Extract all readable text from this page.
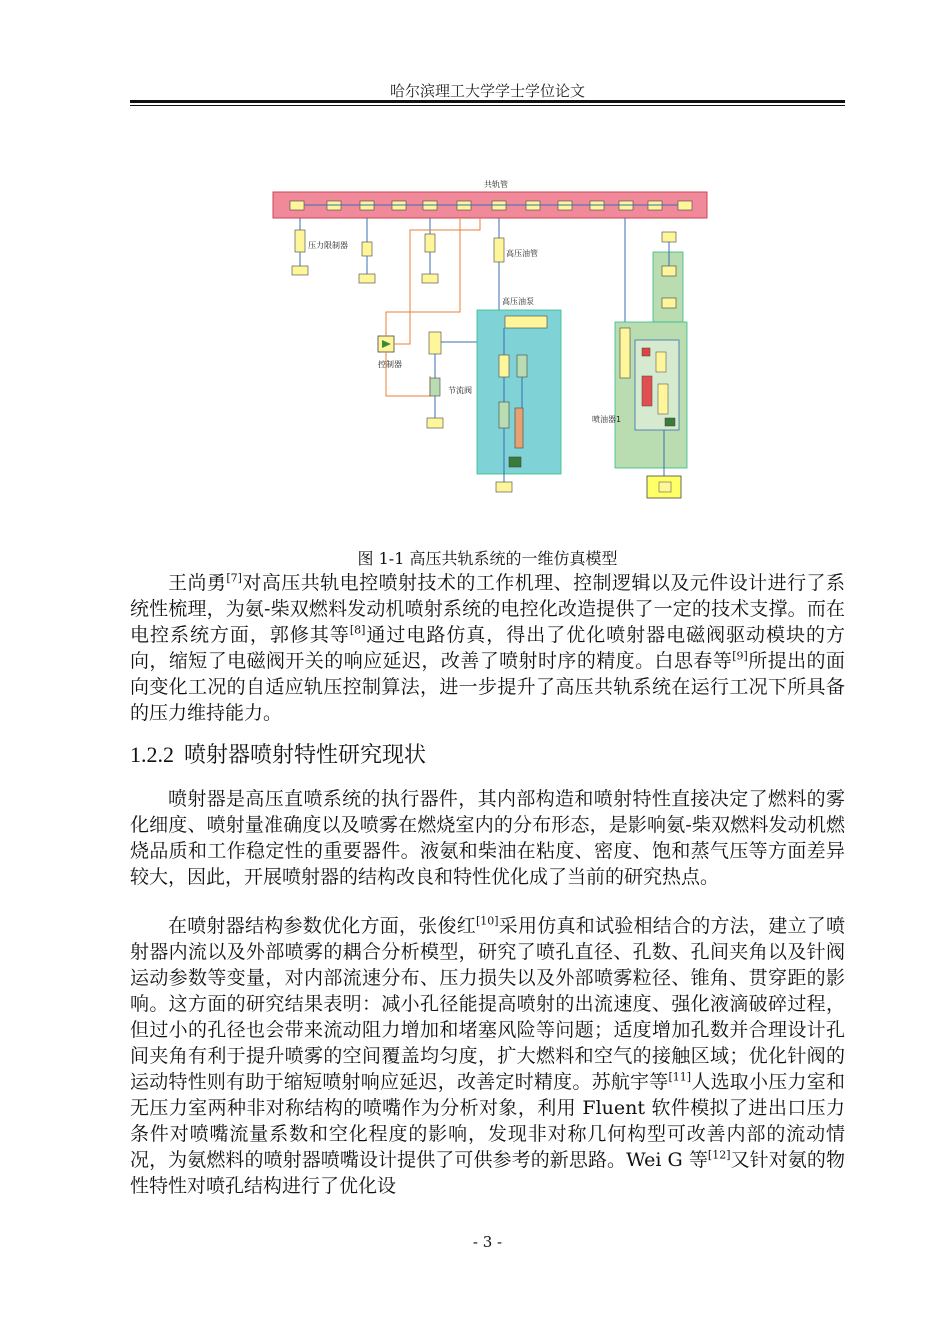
哈尔滨理工大学学士学位论文
共轨管
压力限制器
高压油管
控制器
节流阀
高压油泵
喷油器1
图 1-1 高压共轨系统的一维仿真模型

王尚勇[7]对高压共轨电控喷射技术的工作机理、控制逻辑以及元件设计进行了系统性梳理，为氨-柴双燃料发动机喷射系统的电控化改造提供了一定的技术支撑。而在电控系统方面，郭修其等[8]通过电路仿真，得出了优化喷射器电磁阀驱动模块的方向，缩短了电磁阀开关的响应延迟，改善了喷射时序的精度。白思春等[9]所提出的面向变化工况的自适应轨压控制算法，进一步提升了高压共轨系统在运行工况下所具备的压力维持能力。

1.2.2 喷射器喷射特性研究现状

喷射器是高压直喷系统的执行器件，其内部构造和喷射特性直接决定了燃料的雾化细度、喷射量准确度以及喷雾在燃烧室内的分布形态，是影响氨-柴双燃料发动机燃烧品质和工作稳定性的重要器件。液氨和柴油在粘度、密度、饱和蒸气压等方面差异较大，因此，开展喷射器的结构改良和特性优化成了当前的研究热点。

在喷射器结构参数优化方面，张俊红[10]采用仿真和试验相结合的方法，建立了喷射器内流以及外部喷雾的耦合分析模型，研究了喷孔直径、孔数、孔间夹角以及针阀运动参数等变量，对内部流速分布、压力损失以及外部喷雾粒径、锥角、贯穿距的影响。这方面的研究结果表明：减小孔径能提高喷射的出流速度、强化液滴破碎过程，但过小的孔径也会带来流动阻力增加和堵塞风险等问题；适度增加孔数并合理设计孔间夹角有利于提升喷雾的空间覆盖均匀度，扩大燃料和空气的接触区域；优化针阀的运动特性则有助于缩短喷射响应延迟，改善定时精度。苏航宇等[11]人选取小压力室和无压力室两种非对称结构的喷嘴作为分析对象，利用 Fluent 软件模拟了进出口压力条件对喷嘴流量系数和空化程度的影响，发现非对称几何构型可改善内部的流动情况，为氨燃料的喷射器喷嘴设计提供了可供参考的新思路。Wei G 等[12]又针对氨的物性特性对喷孔结构进行了优化设

- 3 -
